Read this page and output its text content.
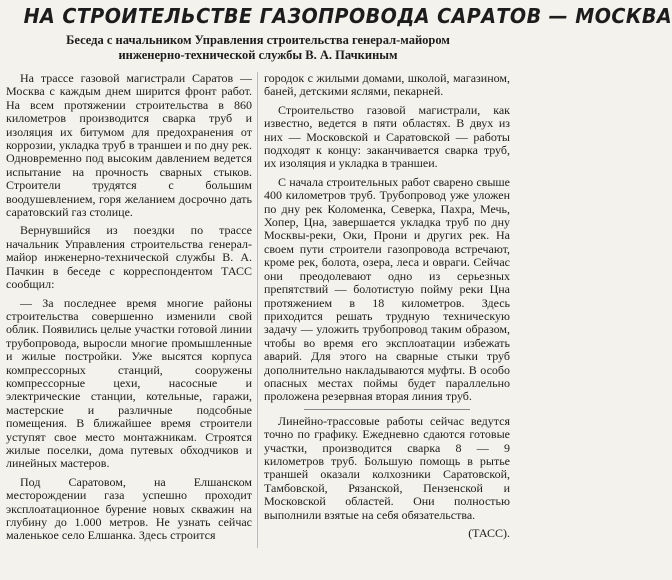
НА СТРОИТЕЛЬСТВЕ ГАЗОПРОВОДА САРАТОВ — МОСКВА
Беседа с начальником Управления строительства генерал-майором
инженерно-технической службы В. А. Пачкиным

На трассе газовой магистрали Саратов — Москва с каждым днем ширится фронт работ. На всем протяжении строительства в 860 километров производится сварка труб и изоляция их битумом для предохранения от коррозии, укладка труб в траншеи и по дну рек. Одновременно под высоким давлением ведется испытание на прочность сварных стыков. Строители трудятся с большим воодушевлением, горя желанием досрочно дать саратовский газ столице.

Вернувшийся из поездки по трассе начальник Управления строительства генерал-майор инженерно-технической службы В. А. Пачкин в беседе с корреспондентом ТАСС сообщил:

— За последнее время многие районы строительства совершенно изменили свой облик. Появились целые участки готовой линии трубопровода, выросли многие промышленные и жилые постройки. Уже высятся корпуса компрессорных станций, сооружены компрессорные цехи, насосные и электрические станции, котельные, гаражи, мастерские и различные подсобные помещения. В ближайшее время строители уступят свое место монтажникам. Строятся жилые поселки, дома путевых обходчиков и линейных мастеров.

Под Саратовом, на Елшанском месторождении газа успешно проходит эксплоатационное бурение новых скважин на глубину до 1.000 метров. Не узнать сейчас маленькое село Елшанка. Здесь строится

городок с жилыми домами, школой, магазином, баней, детскими яслями, пекарней.

Строительство газовой магистрали, как известно, ведется в пяти областях. В двух из них — Московской и Саратовской — работы подходят к концу: заканчивается сварка труб, их изоляция и укладка в траншеи.

С начала строительных работ сварено свыше 400 километров труб. Трубопровод уже уложен по дну рек Коломенка, Северка, Пахра, Мечь, Хопер, Цна, завершается укладка труб по дну Москвы-реки, Оки, Прони и других рек. На своем пути строители газопровода встречают, кроме рек, болота, озера, леса и овраги. Сейчас они преодолевают одно из серьезных препятствий — болотистую пойму реки Цна протяжением в 18 километров. Здесь приходится решать трудную техническую задачу — уложить трубопровод таким образом, чтобы во время его эксплоатации избежать аварий. Для этого на сварные стыки труб дополнительно накладываются муфты. В особо опасных местах поймы будет параллельно проложена резервная вторая линия труб.

Линейно-трассовые работы сейчас ведутся точно по графику. Ежедневно сдаются готовые участки, производится сварка 8 — 9 километров труб. Большую помощь в рытье траншей оказали колхозники Саратовской, Тамбовской, Рязанской, Пензенской и Московской областей. Они полностью выполнили взятые на себя обязательства.

(ТАСС).
